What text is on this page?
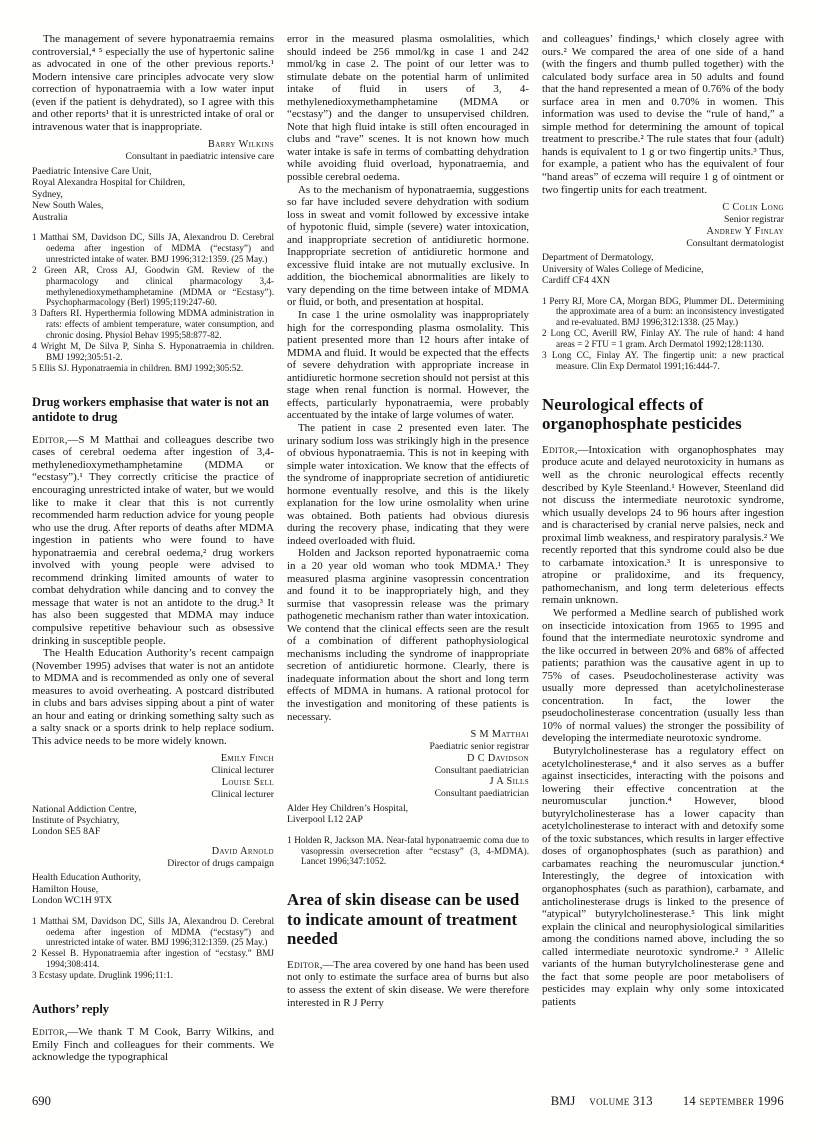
The management of severe hyponatraemia remains controversial,⁴ ⁵ especially the use of hypertonic saline as advocated in one of the other previous reports.¹ Modern intensive care principles advocate very slow correction of hyponatraemia with a low water input (even if the patient is dehydrated), so I agree with this and other reports¹ that it is unrestricted intake of oral or intravenous water that is inappropriate.

Barry Wilkins
Consultant in paediatric intensive care
Paediatric Intensive Care Unit,
Royal Alexandra Hospital for Children,
Sydney,
New South Wales,
Australia
1 Matthai SM, Davidson DC, Sills JA, Alexandrou D. Cerebral oedema after ingestion of MDMA (“ecstasy”) and unrestricted intake of water. BMJ 1996;312:1359. (25 May.)
2 Green AR, Cross AJ, Goodwin GM. Review of the pharmacology and clinical pharmacology 3,4-methylenedioxymethamphetamine (MDMA or “Ecstasy”). Psychopharmacology (Berl) 1995;119:247-60.
3 Dafters RI. Hyperthermia following MDMA administration in rats: effects of ambient temperature, water consumption, and chronic dosing. Physiol Behav 1995;58:877-82.
4 Wright M, De Silva P, Sinha S. Hyponatraemia in children. BMJ 1992;305:51-2.
5 Ellis SJ. Hyponatraemia in children. BMJ 1992;305:52.
Drug workers emphasise that water is not an antidote to drug

Editor,—S M Matthai and colleagues describe two cases of cerebral oedema after ingestion of 3,4-methylenedioxymethamphetamine (MDMA or “ecstasy”).¹ They correctly criticise the practice of encouraging unrestricted intake of water, but we would like to make it clear that this is not currently recommended harm reduction advice for young people who use the drug. After reports of deaths after MDMA ingestion in patients who were found to have hyponatraemia and cerebral oedema,² drug workers involved with young people were advised to recommend drinking limited amounts of water to combat dehydration while dancing and to convey the message that water is not an antidote to the drug.³ It has also been suggested that MDMA may induce compulsive repetitive behaviour such as obsessive drinking in susceptible people.

The Health Education Authority’s recent campaign (November 1995) advises that water is not an antidote to MDMA and is recommended as only one of several measures to avoid overheating. A postcard distributed in clubs and bars advises sipping about a pint of water an hour and eating or drinking something salty such as a salty snack or a sports drink to help replace sodium. This advice needs to be more widely known.

Emily Finch
Clinical lecturer
Louise Sell
Clinical lecturer
National Addiction Centre,
Institute of Psychiatry,
London SE5 8AF
David Arnold
Director of drugs campaign
Health Education Authority,
Hamilton House,
London WC1H 9TX
1 Matthai SM, Davidson DC, Sills JA, Alexandrou D. Cerebral oedema after ingestion of MDMA (“ecstasy”) and unrestricted intake of water. BMJ 1996;312:1359. (25 May.)
2 Kessel B. Hyponatraemia after ingestion of “ecstasy.” BMJ 1994;308:414.
3 Ecstasy update. Druglink 1996;11:1.
Authors’ reply

Editor,—We thank T M Cook, Barry Wilkins, and Emily Finch and colleagues for their comments. We acknowledge the typographical

error in the measured plasma osmolalities, which should indeed be 256 mmol/kg in case 1 and 242 mmol/kg in case 2. The point of our letter was to stimulate debate on the potential harm of unlimited intake of fluid in users of 3, 4-methylenedioxymethamphetamine (MDMA or “ecstasy”) and the danger to unsupervised children. Note that high fluid intake is still often encouraged in clubs and “rave” scenes. It is not known how much water intake is safe in terms of combatting dehydration while avoiding fluid overload, hyponatraemia, and possible cerebral oedema.

As to the mechanism of hyponatraemia, suggestions so far have included severe dehydration with sodium loss in sweat and vomit followed by excessive intake of hypotonic fluid, simple (severe) water intoxication, and inappropriate secretion of antidiuretic hormone. Inappropriate secretion of antidiuretic hormone and excessive fluid intake are not mutually exclusive. In addition, the biochemical abnormalities are likely to vary depending on the time between intake of MDMA or fluid, or both, and presentation at hospital.

In case 1 the urine osmolality was inappropriately high for the corresponding plasma osmolality. This patient presented more than 12 hours after intake of MDMA and fluid. It would be expected that the effects of severe dehydration with appropriate increase in antidiuretic hormone secretion should not persist at this stage when renal function is normal. However, the effects, particularly hyponatraemia, were probably accentuated by the intake of large volumes of water.

The patient in case 2 presented even later. The urinary sodium loss was strikingly high in the presence of obvious hyponatraemia. This is not in keeping with simple water intoxication. We know that the effects of the syndrome of inappropriate secretion of antidiuretic hormone eventually resolve, and this is the likely explanation for the low urine osmolality when urine was obtained. Both patients had obvious diuresis during the recovery phase, indicating that they were indeed overloaded with fluid.

Holden and Jackson reported hyponatraemic coma in a 20 year old woman who took MDMA.¹ They measured plasma arginine vasopressin concentration and found it to be inappropriately high, and they surmise that vasopressin release was the primary pathogenetic mechanism rather than water intoxication. We contend that the clinical effects seen are the result of a combination of different pathophysiological mechanisms including the syndrome of inappropriate secretion of antidiuretic hormone. Clearly, there is inadequate information about the short and long term effects of MDMA in humans. A rational protocol for the investigation and monitoring of these patients is necessary.

S M Matthai
Paediatric senior registrar
D C Davidson
Consultant paediatrician
J A Sills
Consultant paediatrician
Alder Hey Children’s Hospital,
Liverpool L12 2AP
1 Holden R, Jackson MA. Near-fatal hyponatraemic coma due to vasopressin oversecretion after “ecstasy” (3, 4-MDMA). Lancet 1996;347:1052.
Area of skin disease can be used to indicate amount of treatment needed

Editor,—The area covered by one hand has been used not only to estimate the surface area of burns but also to assess the extent of skin disease. We were therefore interested in R J Perry

and colleagues’ findings,¹ which closely agree with ours.² We compared the area of one side of a hand (with the fingers and thumb pulled together) with the calculated body surface area in 50 adults and found that the hand represented a mean of 0.76% of the body surface area in men and 0.70% in women. This information was used to devise the “rule of hand,” a simple method for determining the amount of topical treatment to prescribe.² The rule states that four (adult) hands is equivalent to 1 g or two fingertip units.³ Thus, for example, a patient who has the equivalent of four “hand areas” of eczema will require 1 g of ointment or two fingertip units for each treatment.

C Colin Long
Senior registrar
Andrew Y Finlay
Consultant dermatologist
Department of Dermatology,
University of Wales College of Medicine,
Cardiff CF4 4XN
1 Perry RJ, More CA, Morgan BDG, Plummer DL. Determining the approximate area of a burn: an inconsistency investigated and re-evaluated. BMJ 1996;312:1338. (25 May.)
2 Long CC, Averill RW, Finlay AY. The rule of hand: 4 hand areas = 2 FTU = 1 gram. Arch Dermatol 1992;128:1130.
3 Long CC, Finlay AY. The fingertip unit: a new practical measure. Clin Exp Dermatol 1991;16:444-7.
Neurological effects of organophosphate pesticides

Editor,—Intoxication with organophosphates may produce acute and delayed neurotoxicity in humans as well as the chronic neurological effects recently described by Kyle Steenland.¹ However, Steenland did not discuss the intermediate neurotoxic syndrome, which usually develops 24 to 96 hours after ingestion and is characterised by cranial nerve palsies, neck and proximal limb weakness, and respiratory paralysis.² We recently reported that this syndrome could also be due to carbamate intoxication.³ It is unresponsive to atropine or pralidoxime, and its frequency, pathomechanism, and long term deleterious effects remain unknown.

We performed a Medline search of published work on insecticide intoxication from 1965 to 1995 and found that the intermediate neurotoxic syndrome and the like occurred in between 20% and 68% of affected patients; parathion was the causative agent in up to 75% of cases. Pseudocholinesterase activity was usually more depressed than acetylcholinesterase concentration. In fact, the lower the pseudocholinesterase concentration (usually less than 10% of normal values) the stronger the possibility of developing the intermediate neurotoxic syndrome.

Butyrylcholinesterase has a regulatory effect on acetylcholinesterase,⁴ and it also serves as a buffer against insecticides, interacting with the poisons and lowering their effective concentration at the neuromuscular junction.⁴ However, blood butyrylcholinesterase has a lower capacity than acetylcholinesterase to interact with and detoxify some of the toxic substances, which results in larger effective doses of organophosphates (such as parathion) and carbamates reaching the neuromuscular junction.⁴ Interestingly, the degree of intoxication with organophosphates (such as parathion), carbamate, and anticholinesterase drugs is linked to the presence of “atypical” butyrylcholinesterase.⁵ This link might explain the clinical and neurophysiological similarities among the conditions named above, including the so called intermediate neurotoxic syndrome.² ³ Allelic variants of the human butyrylcholinesterase gene and the fact that some people are poor metabolisers of pesticides may explain why only some intoxicated patients

690	BMJ volume 313 14 september 1996
